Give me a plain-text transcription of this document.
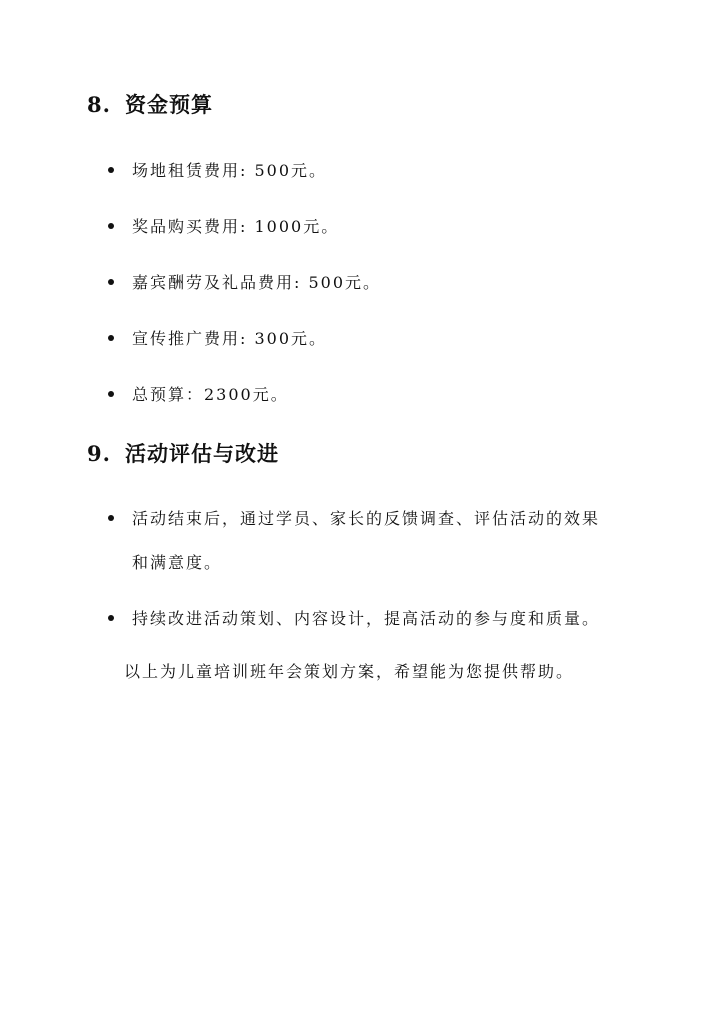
8. 资金预算
场地租赁费用: 500元。
奖品购买费用: 1000元。
嘉宾酬劳及礼品费用: 500元。
宣传推广费用: 300元。
总预算：2300元。
9. 活动评估与改进
活动结束后，通过学员、家长的反馈调查、评估活动的效果
和满意度。
持续改进活动策划、内容设计，提高活动的参与度和质量。
以上为儿童培训班年会策划方案，希望能为您提供帮助。
